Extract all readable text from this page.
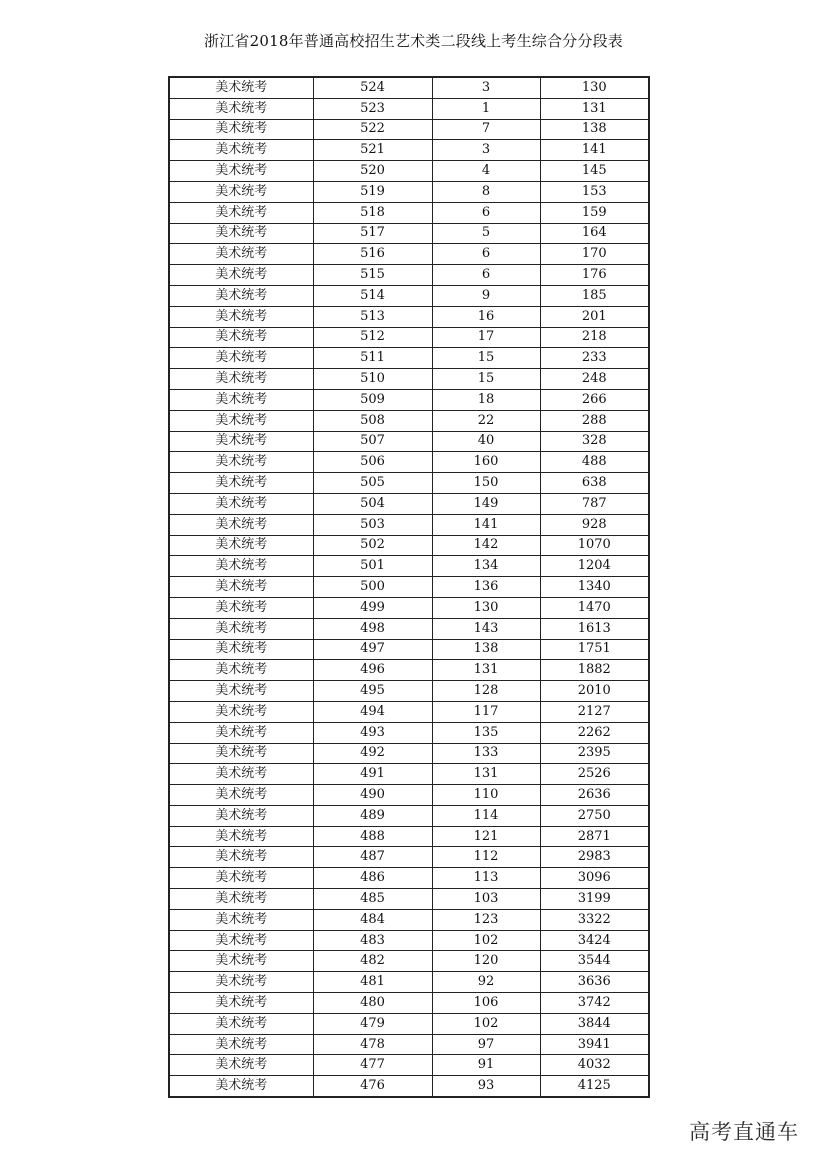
浙江省2018年普通高校招生艺术类二段线上考生综合分分段表
美术统考	524	3	130
美术统考	523	1	131
美术统考	522	7	138
美术统考	521	3	141
美术统考	520	4	145
美术统考	519	8	153
美术统考	518	6	159
美术统考	517	5	164
美术统考	516	6	170
美术统考	515	6	176
美术统考	514	9	185
美术统考	513	16	201
美术统考	512	17	218
美术统考	511	15	233
美术统考	510	15	248
美术统考	509	18	266
美术统考	508	22	288
美术统考	507	40	328
美术统考	506	160	488
美术统考	505	150	638
美术统考	504	149	787
美术统考	503	141	928
美术统考	502	142	1070
美术统考	501	134	1204
美术统考	500	136	1340
美术统考	499	130	1470
美术统考	498	143	1613
美术统考	497	138	1751
美术统考	496	131	1882
美术统考	495	128	2010
美术统考	494	117	2127
美术统考	493	135	2262
美术统考	492	133	2395
美术统考	491	131	2526
美术统考	490	110	2636
美术统考	489	114	2750
美术统考	488	121	2871
美术统考	487	112	2983
美术统考	486	113	3096
美术统考	485	103	3199
美术统考	484	123	3322
美术统考	483	102	3424
美术统考	482	120	3544
美术统考	481	92	3636
美术统考	480	106	3742
美术统考	479	102	3844
美术统考	478	97	3941
美术统考	477	91	4032
美术统考	476	93	4125
高考直通车
